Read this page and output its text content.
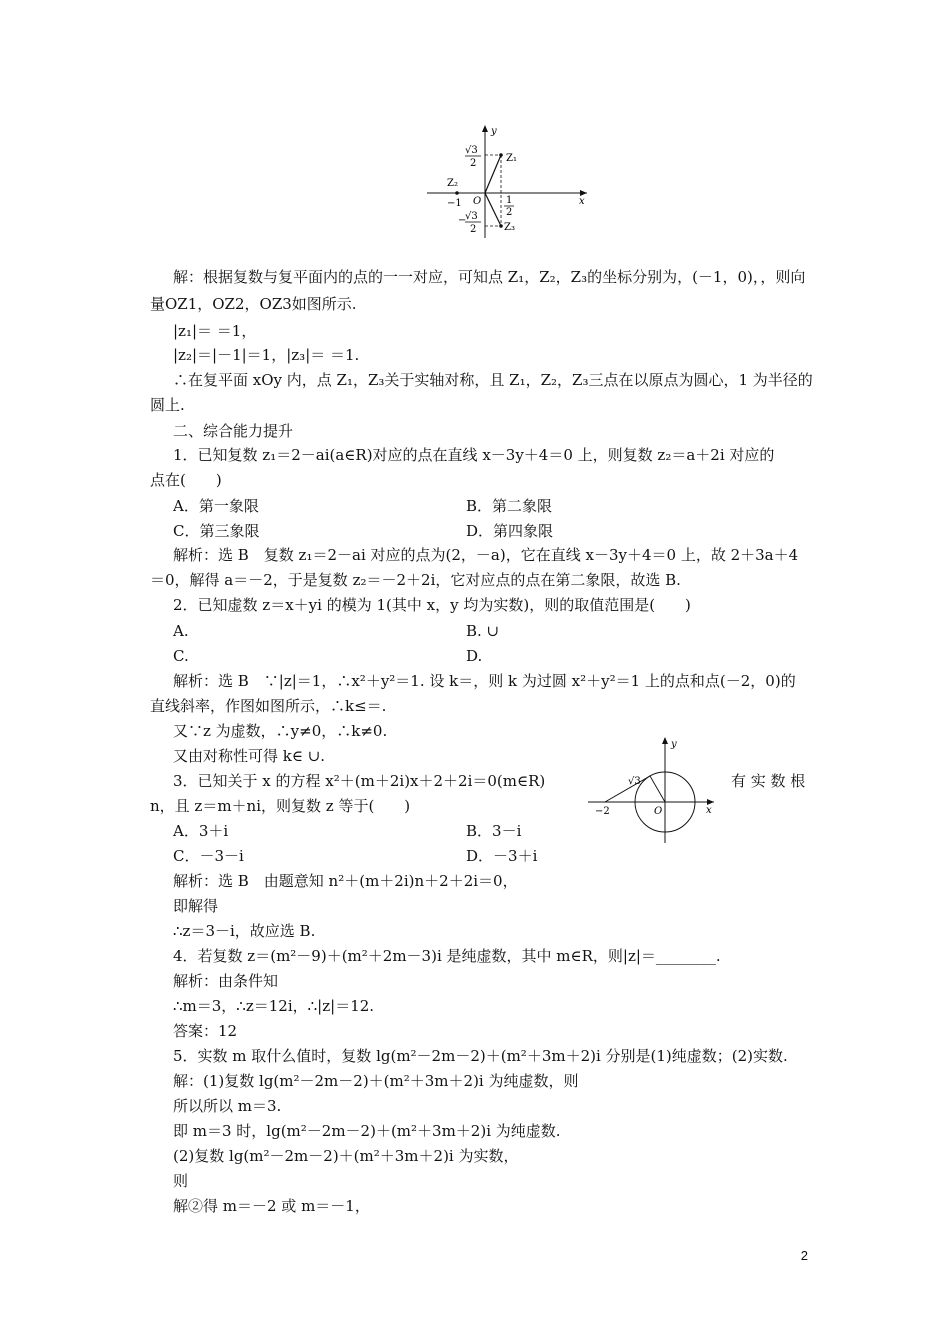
y
x
O
√3
2	Z₁
Z₂
−1	1
2
−
√3
2	Z₃
y
x
O
√3
−2
解：根据复数与复平面内的点的一一对应，可知点 Z₁，Z₂，Z₃的坐标分别为，(－1，0)，，则向
量OZ1，OZ2，OZ3如图所示.
|z₁|＝ ＝1，
|z₂|＝|－1|＝1，|z₃|＝ ＝1.
∴在复平面 xOy 内，点 Z₁，Z₃关于实轴对称，且 Z₁，Z₂，Z₃三点在以原点为圆心，1 为半径的
圆上.
二、综合能力提升
1．已知复数 z₁＝2－ai(a∈R)对应的点在直线 x－3y＋4＝0 上，则复数 z₂＝a＋2i 对应的
点在(　　)
A．第一象限	B．第二象限
C．第三象限	D．第四象限
解析：选 B　复数 z₁＝2－ai 对应的点为(2，－a)，它在直线 x－3y＋4＝0 上，故 2＋3a＋4
＝0，解得 a＝－2，于是复数 z₂＝－2＋2i，它对应点的点在第二象限，故选 B.
2．已知虚数 z＝x＋yi 的模为 1(其中 x，y 均为实数)，则的取值范围是(　　)
A.	B. ∪
C.	D.
解析：选 B　∵|z|＝1，∴x²＋y²＝1. 设 k＝，则 k 为过圆 x²＋y²＝1 上的点和点(－2，0)的
直线斜率，作图如图所示，∴k≤＝.
又∵z 为虚数，∴y≠0，∴k≠0.
又由对称性可得 k∈ ∪.
3．已知关于 x 的方程 x²＋(m＋2i)x＋2＋2i＝0(m∈R)	有 实 数 根
n，且 z＝m＋ni，则复数 z 等于(　　)
A．3＋i	B．3－i
C．－3－i	D．－3＋i
解析：选 B　由题意知 n²＋(m＋2i)n＋2＋2i＝0，
即解得
∴z＝3－i，故应选 B.
4．若复数 z＝(m²－9)＋(m²＋2m－3)i 是纯虚数，其中 m∈R，则|z|＝________.
解析：由条件知
∴m＝3，∴z＝12i，∴|z|＝12.
答案：12
5．实数 m 取什么值时，复数 lg(m²－2m－2)＋(m²＋3m＋2)i 分别是(1)纯虚数；(2)实数.
解：(1)复数 lg(m²－2m－2)＋(m²＋3m＋2)i 为纯虚数，则
所以所以 m＝3.
即 m＝3 时，lg(m²－2m－2)＋(m²＋3m＋2)i 为纯虚数.
(2)复数 lg(m²－2m－2)＋(m²＋3m＋2)i 为实数，
则
解②得 m＝－2 或 m＝－1，
2
